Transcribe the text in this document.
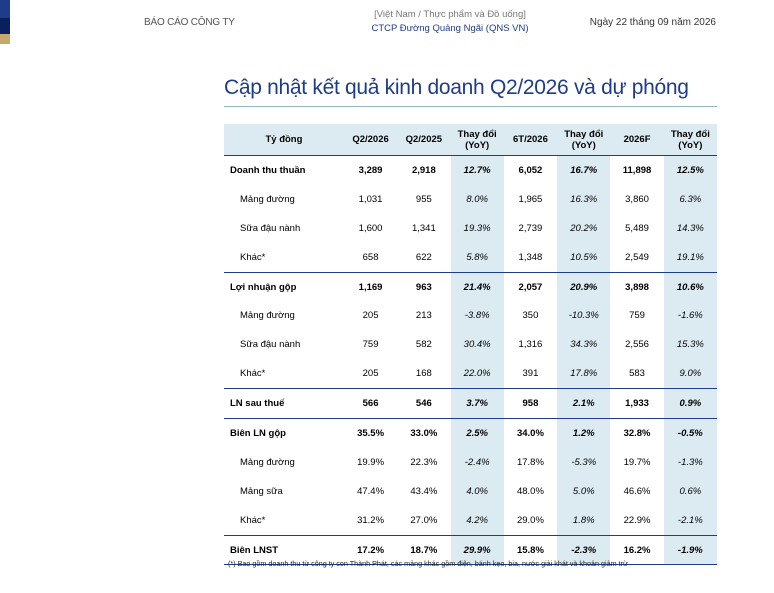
BÁO CÁO CÔNG TY
[Việt Nam / Thực phẩm và Đồ uống]
CTCP Đường Quảng Ngãi (QNS VN)
Ngày 22 tháng 09 năm 2026
Cập nhật kết quả kinh doanh Q2/2026 và dự phóng
Tỷ đồng	Q2/2026	Q2/2025	Thay đổi (YoY)	6T/2026	Thay đổi (YoY)	2026F	Thay đổi (YoY)
Doanh thu thuần	3,289	2,918	12.7%	6,052	16.7%	11,898	12.5%
Mảng đường	1,031	955	8.0%	1,965	16.3%	3,860	6.3%
Sữa đậu nành	1,600	1,341	19.3%	2,739	20.2%	5,489	14.3%
Khác*	658	622	5.8%	1,348	10.5%	2,549	19.1%
Lợi nhuận gộp	1,169	963	21.4%	2,057	20.9%	3,898	10.6%
Mảng đường	205	213	-3.8%	350	-10.3%	759	-1.6%
Sữa đậu nành	759	582	30.4%	1,316	34.3%	2,556	15.3%
Khác*	205	168	22.0%	391	17.8%	583	9.0%
LN sau thuế	566	546	3.7%	958	2.1%	1,933	0.9%
Biên LN gộp	35.5%	33.0%	2.5%	34.0%	1.2%	32.8%	-0.5%
Mảng đường	19.9%	22.3%	-2.4%	17.8%	-5.3%	19.7%	-1.3%
Mảng sữa	47.4%	43.4%	4.0%	48.0%	5.0%	46.6%	0.6%
Khác*	31.2%	27.0%	4.2%	29.0%	1.8%	22.9%	-2.1%
Biên LNST	17.2%	18.7%	29.9%	15.8%	-2.3%	16.2%	-1.9%
(*) Bao gồm doanh thu từ công ty con Thành Phát, các mảng khác gồm điện, bánh kẹo, bia, nước giải khát và khoản giảm trừ
